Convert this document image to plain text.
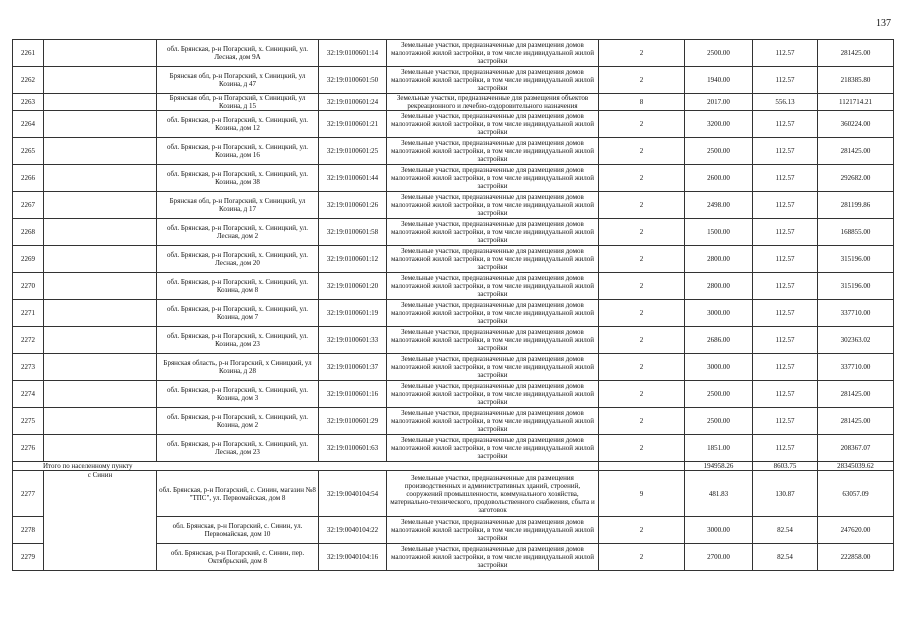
137
2261		обл. Брянская, р-н Погарский, х. Синицкий, ул. Лесная, дом 9А	32:19:0100601:14	Земельные участки, предназначенные для размещения домов малоэтажной жилой застройки, в том числе индивидуальной жилой застройки	2	2500.00	112.57	281425.00
2262		Брянская обл, р-н Погарский, х Синицкий, ул Козина, д 47	32:19:0100601:50	Земельные участки, предназначенные для размещения домов малоэтажной жилой застройки, в том числе индивидуальной жилой застройки	2	1940.00	112.57	218385.80
2263		Брянская обл, р-н Погарский, х Синицкий, ул Козина, д 15	32:19:0100601:24	Земельные участки, предназначенные для размещения объектов рекреационного и лечебно-оздоровительного назначения	8	2017.00	556.13	1121714.21
2264		обл. Брянская, р-н Погарский, х. Синицкий, ул. Козина, дом 12	32:19:0100601:21	Земельные участки, предназначенные для размещения домов малоэтажной жилой застройки, в том числе индивидуальной жилой застройки	2	3200.00	112.57	360224.00
2265		обл. Брянская, р-н Погарский, х. Синицкий, ул. Козина, дом 16	32:19:0100601:25	Земельные участки, предназначенные для размещения домов малоэтажной жилой застройки, в том числе индивидуальной жилой застройки	2	2500.00	112.57	281425.00
2266		обл. Брянская, р-н Погарский, х. Синицкий, ул. Козина, дом 38	32:19:0100601:44	Земельные участки, предназначенные для размещения домов малоэтажной жилой застройки, в том числе индивидуальной жилой застройки	2	2600.00	112.57	292682.00
2267		Брянская обл, р-н Погарский, х Синицкий, ул Козина, д 17	32:19:0100601:26	Земельные участки, предназначенные для размещения домов малоэтажной жилой застройки, в том числе индивидуальной жилой застройки	2	2498.00	112.57	281199.86
2268		обл. Брянская, р-н Погарский, х. Синицкий, ул. Лесная, дом 2	32:19:0100601:58	Земельные участки, предназначенные для размещения домов малоэтажной жилой застройки, в том числе индивидуальной жилой застройки	2	1500.00	112.57	168855.00
2269		обл. Брянская, р-н Погарский, х. Синицкий, ул. Лесная, дом 20	32:19:0100601:12	Земельные участки, предназначенные для размещения домов малоэтажной жилой застройки, в том числе индивидуальной жилой застройки	2	2800.00	112.57	315196.00
2270		обл. Брянская, р-н Погарский, х. Синицкий, ул. Козина, дом 8	32:19:0100601:20	Земельные участки, предназначенные для размещения домов малоэтажной жилой застройки, в том числе индивидуальной жилой застройки	2	2800.00	112.57	315196.00
2271		обл. Брянская, р-н Погарский, х. Синицкий, ул. Козина, дом 7	32:19:0100601:19	Земельные участки, предназначенные для размещения домов малоэтажной жилой застройки, в том числе индивидуальной жилой застройки	2	3000.00	112.57	337710.00
2272		обл. Брянская, р-н Погарский, х. Синицкий, ул. Козина, дом 23	32:19:0100601:33	Земельные участки, предназначенные для размещения домов малоэтажной жилой застройки, в том числе индивидуальной жилой застройки	2	2686.00	112.57	302363.02
2273		Брянская область, р-н Погарский, х Синицкий, ул Козина, д 28	32:19:0100601:37	Земельные участки, предназначенные для размещения домов малоэтажной жилой застройки, в том числе индивидуальной жилой застройки	2	3000.00	112.57	337710.00
2274		обл. Брянская, р-н Погарский, х. Синицкий, ул. Козина, дом 3	32:19:0100601:16	Земельные участки, предназначенные для размещения домов малоэтажной жилой застройки, в том числе индивидуальной жилой застройки	2	2500.00	112.57	281425.00
2275		обл. Брянская, р-н Погарский, х. Синицкий, ул. Козина, дом 2	32:19:0100601:29	Земельные участки, предназначенные для размещения домов малоэтажной жилой застройки, в том числе индивидуальной жилой застройки	2	2500.00	112.57	281425.00
2276		обл. Брянская, р-н Погарский, х. Синицкий, ул. Лесная, дом 23	32:19:0100601:63	Земельные участки, предназначенные для размещения домов малоэтажной жилой застройки, в том числе индивидуальной жилой застройки	2	1851.00	112.57	208367.07
Итого по населенному пункту						194958.26	8603.75	28345039.62
2277	с Синин	обл. Брянская, р-н Погарский, с. Синин, магазин №8 "ТПС", ул. Первомайская, дом 8	32:19:0040104:54	Земельные участки, предназначенные для размещения производственных и административных зданий, строений, сооружений промышленности, коммунального хозяйства, материально-технического, продовольственного снабжения, сбыта и заготовок	9	481.83	130.87	63057.09
2278		обл. Брянская, р-н Погарский, с. Синин, ул. Первомайская, дом 10	32:19:0040104:22	Земельные участки, предназначенные для размещения домов малоэтажной жилой застройки, в том числе индивидуальной жилой застройки	2	3000.00	82.54	247620.00
2279		обл. Брянская, р-н Погарский, с. Синин, пер. Октябрьский, дом 8	32:19:0040104:16	Земельные участки, предназначенные для размещения домов малоэтажной жилой застройки, в том числе индивидуальной жилой застройки	2	2700.00	82.54	222858.00
